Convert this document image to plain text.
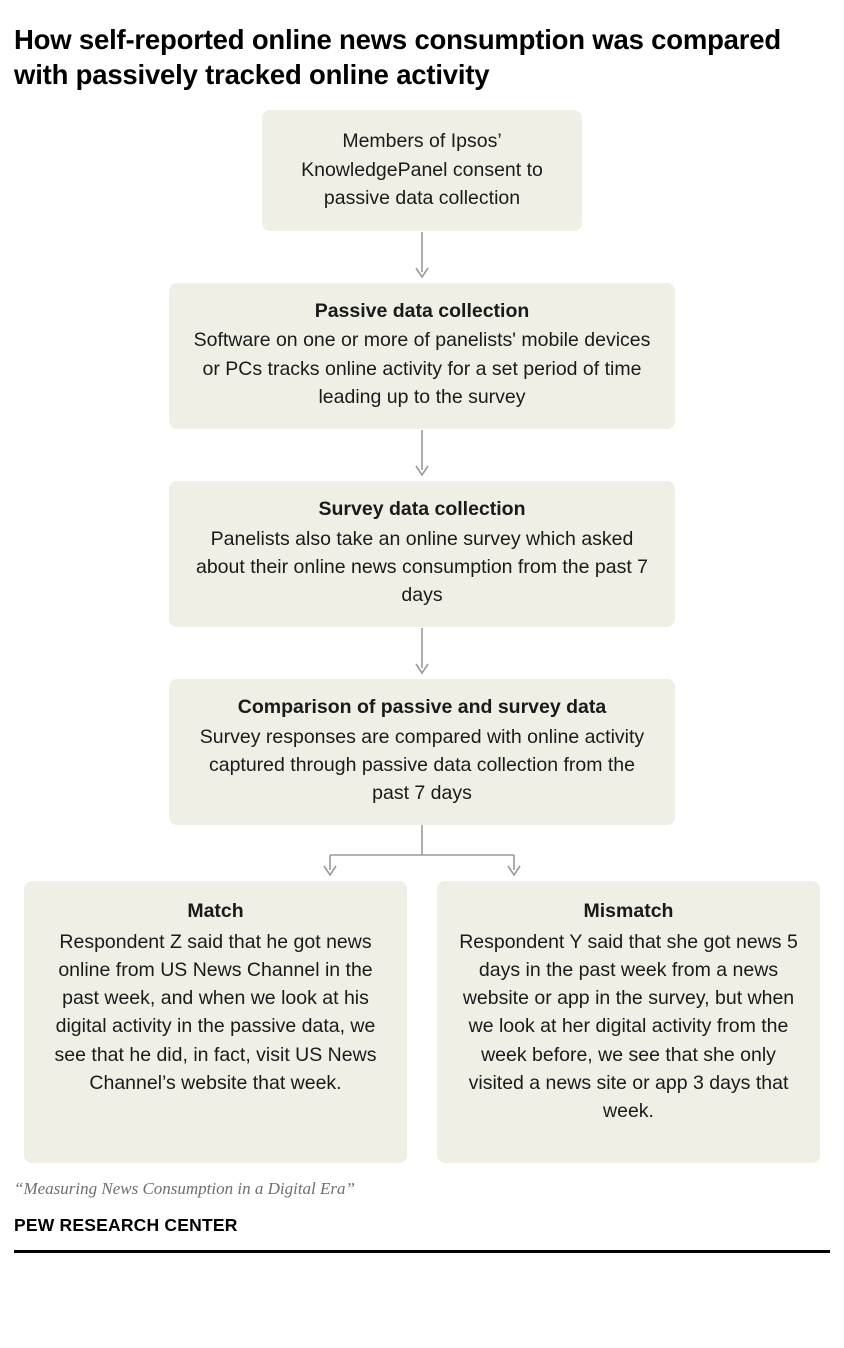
How self-reported online news consumption was compared with passively tracked online activity
Members of Ipsos’ KnowledgePanel consent to passive data collection
Passive data collection
Software on one or more of panelists' mobile devices or PCs tracks online activity for a set period of time leading up to the survey
Survey data collection
Panelists also take an online survey which asked about their online news consumption from the past 7 days
Comparison of passive and survey data
Survey responses are compared with online activity captured through passive data collection from the past 7 days
Match
Respondent Z said that he got news online from US News Channel in the past week, and when we look at his digital activity in the passive data, we see that he did, in fact, visit US News Channel’s website that week.
Mismatch
Respondent Y said that she got news 5 days in the past week from a news website or app in the survey, but when we look at her digital activity from the week before, we see that she only visited a news site or app 3 days that week.
“Measuring News Consumption in a Digital Era”
PEW RESEARCH CENTER
